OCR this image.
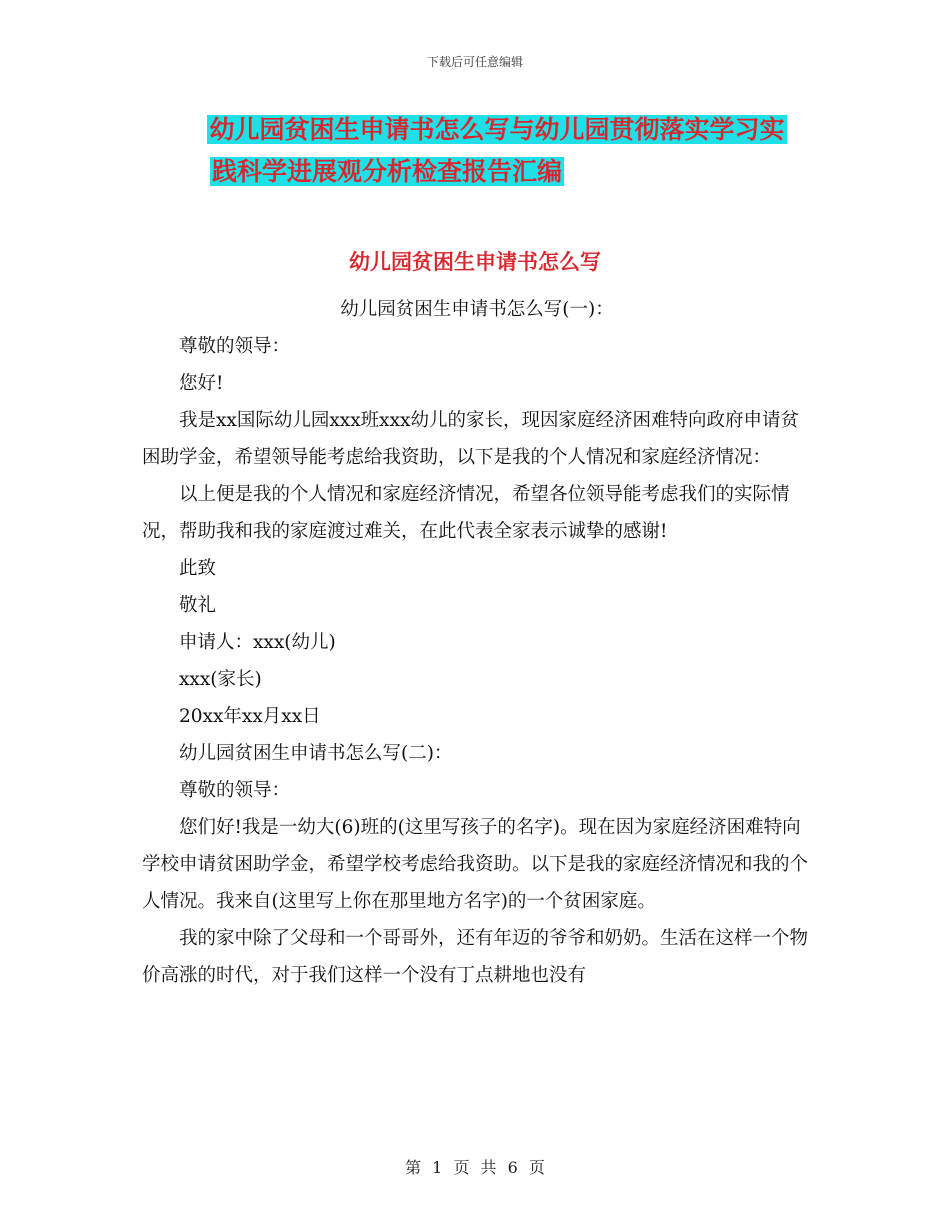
下载后可任意编辑
幼儿园贫困生申请书怎么写与幼儿园贯彻落实学习实
践科学进展观分析检查报告汇编
幼儿园贫困生申请书怎么写

幼儿园贫困生申请书怎么写(一)：

尊敬的领导：

您好!

我是xx国际幼儿园xxx班xxx幼儿的家长，现因家庭经济困难特向政府申请贫困助学金，希望领导能考虑给我资助，以下是我的个人情况和家庭经济情况：

以上便是我的个人情况和家庭经济情况，希望各位领导能考虑我们的实际情况，帮助我和我的家庭渡过难关，在此代表全家表示诚挚的感谢!

此致

敬礼

申请人：xxx(幼儿)

xxx(家长)

20xx年xx月xx日

幼儿园贫困生申请书怎么写(二)：

尊敬的领导：

您们好!我是一幼大(6)班的(这里写孩子的名字)。现在因为家庭经济困难特向学校申请贫困助学金，希望学校考虑给我资助。以下是我的家庭经济情况和我的个人情况。我来自(这里写上你在那里地方名字)的一个贫困家庭。

我的家中除了父母和一个哥哥外，还有年迈的爷爷和奶奶。生活在这样一个物价高涨的时代，对于我们这样一个没有丁点耕地也没有

第 1 页 共 6 页
